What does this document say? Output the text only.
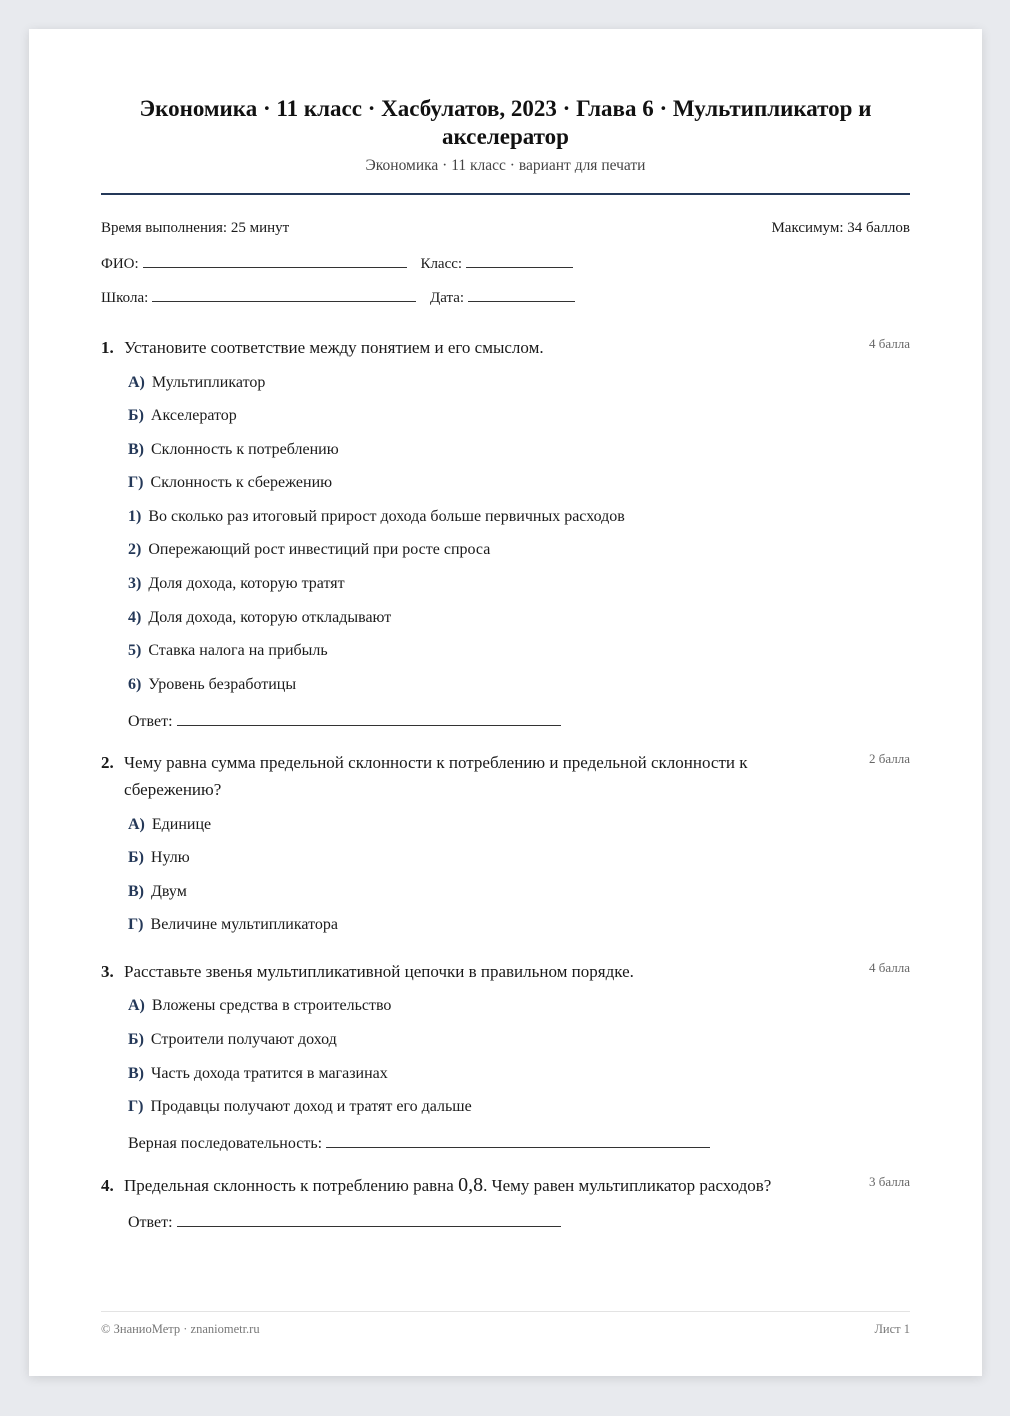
Экономика · 11 класс · Хасбулатов, 2023 · Глава 6 · Мультипликатор и акселератор
Экономика · 11 класс · вариант для печати
Время выполнения: 25 минут	Максимум: 34 баллов
ФИО:	Класс:
Школа:	Дата:
1. Установите соответствие между понятием и его смыслом.	4 балла
А) Мультипликатор
Б) Акселератор
В) Склонность к потреблению
Г) Склонность к сбережению
1) Во сколько раз итоговый прирост дохода больше первичных расходов
2) Опережающий рост инвестиций при росте спроса
3) Доля дохода, которую тратят
4) Доля дохода, которую откладывают
5) Ставка налога на прибыль
6) Уровень безработицы
Ответ:
2. Чему равна сумма предельной склонности к потреблению и предельной склонности к сбережению?
2 балла
А) Единице
Б) Нулю
В) Двум
Г) Величине мультипликатора
3. Расставьте звенья мультипликативной цепочки в правильном порядке.	4 балла
А) Вложены средства в строительство
Б) Строители получают доход
В) Часть дохода тратится в магазинах
Г) Продавцы получают доход и тратят его дальше
Верная последовательность:
4. Предельная склонность к потреблению равна 0,8. Чему равен мультипликатор расходов?	3 балла
Ответ:
© ЗнаниоМетр · znaniometr.ru	Лист 1
